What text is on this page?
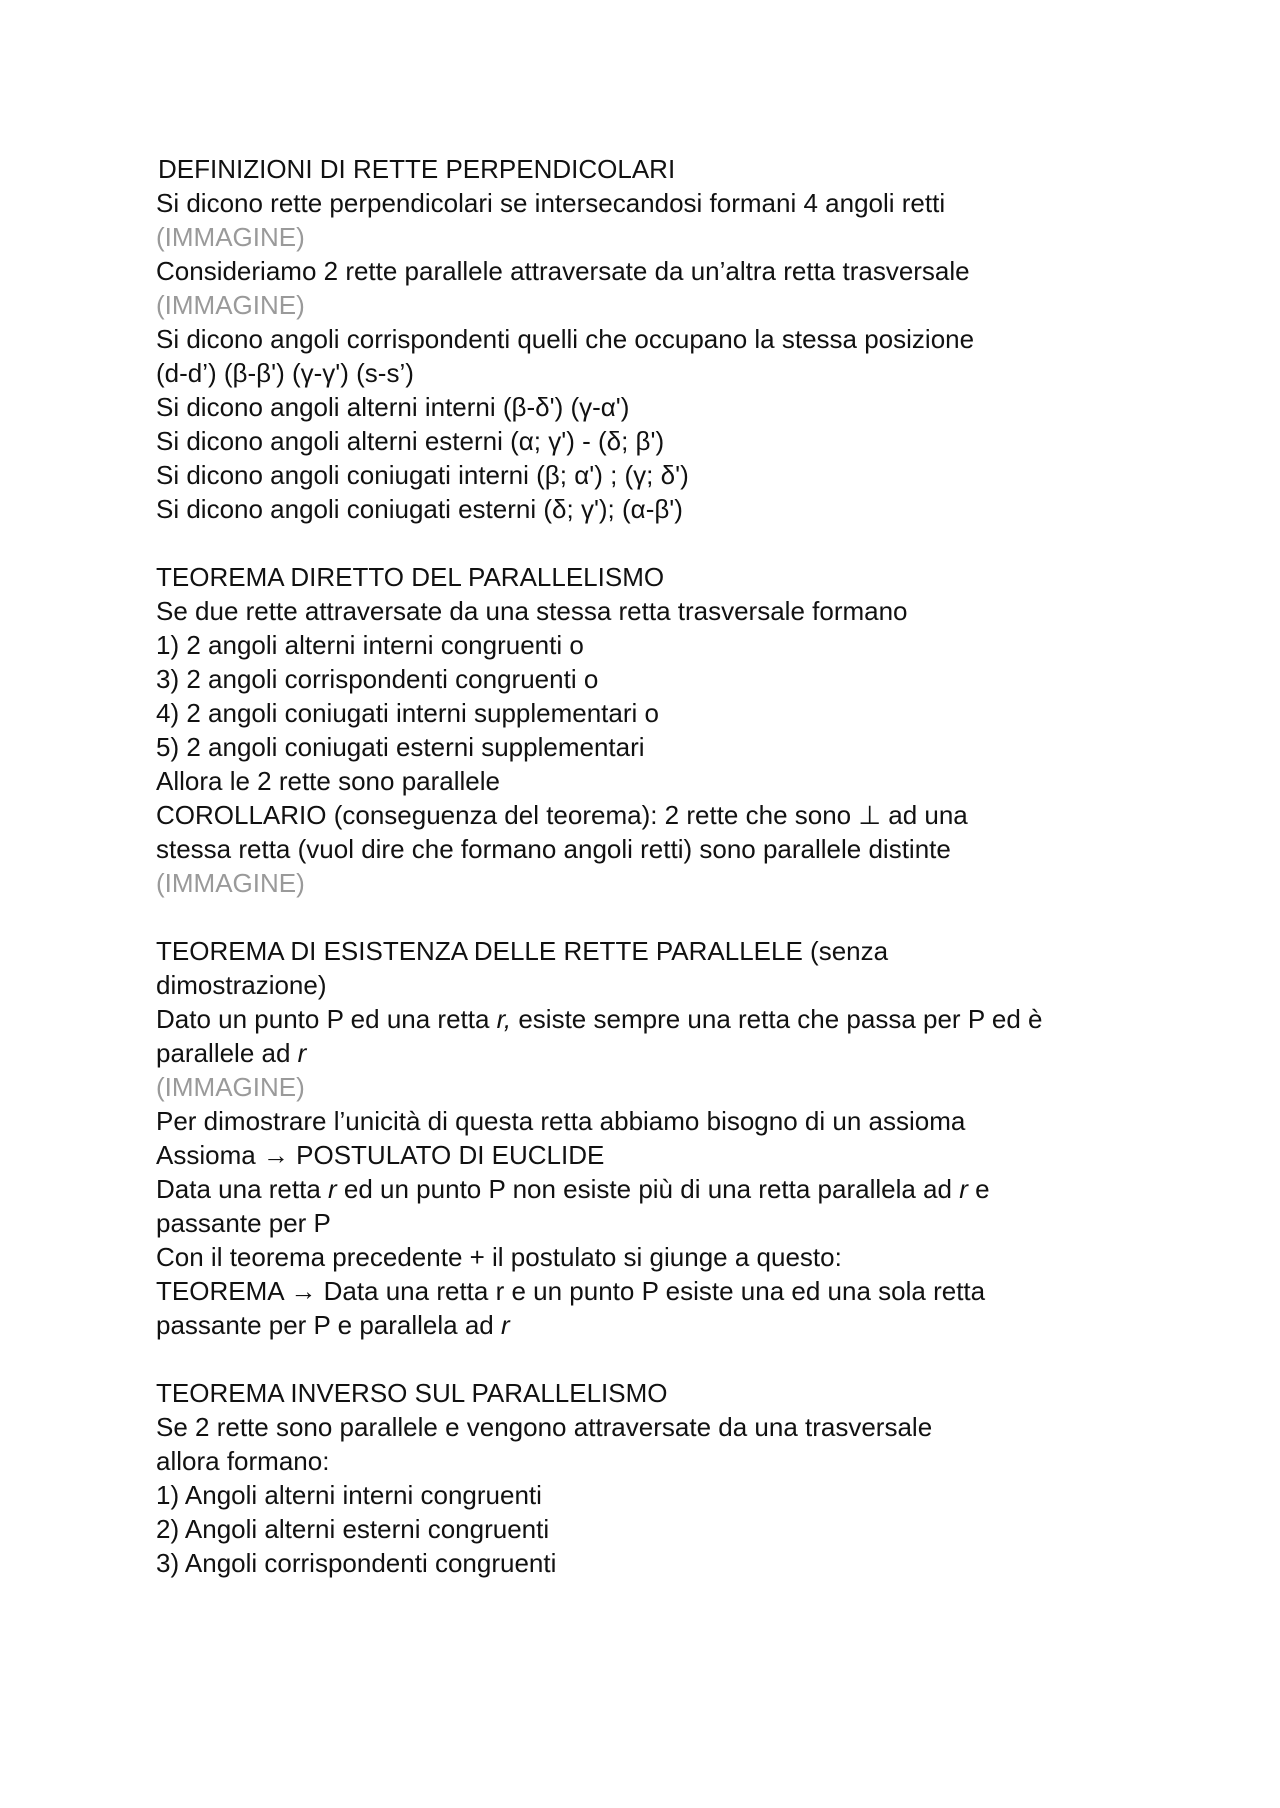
DEFINIZIONI DI RETTE PERPENDICOLARI
Si dicono rette perpendicolari se intersecandosi formani 4 angoli retti
(IMMAGINE)
Consideriamo 2 rette parallele attraversate da un’altra retta trasversale
(IMMAGINE)
Si dicono angoli corrispondenti quelli che occupano la stessa posizione
(d-d’) (β-β') (γ-γ') (s-s’)
Si dicono angoli alterni interni (β-δ') (γ-α')
Si dicono angoli alterni esterni (α; γ') - (δ; β')
Si dicono angoli coniugati interni (β; α') ; (γ; δ')
Si dicono angoli coniugati esterni (δ; γ'); (α-β')
TEOREMA DIRETTO DEL PARALLELISMO
Se due rette attraversate da una stessa retta trasversale formano
1) 2 angoli alterni interni congruenti o
3) 2 angoli corrispondenti congruenti o
4) 2 angoli coniugati interni supplementari o
5) 2 angoli coniugati esterni supplementari
Allora le 2 rette sono parallele
COROLLARIO (conseguenza del teorema): 2 rette che sono ⊥ ad una
stessa retta (vuol dire che formano angoli retti) sono parallele distinte
(IMMAGINE)
TEOREMA DI ESISTENZA DELLE RETTE PARALLELE (senza
dimostrazione)
Dato un punto P ed una retta r, esiste sempre una retta che passa per P ed è
parallele ad r
(IMMAGINE)
Per dimostrare l’unicità di questa retta abbiamo bisogno di un assioma
Assioma → POSTULATO DI EUCLIDE
Data una retta r ed un punto P non esiste più di una retta parallela ad r e
passante per P
Con il teorema precedente + il postulato si giunge a questo:
TEOREMA → Data una retta r e un punto P esiste una ed una sola retta
passante per P e parallela ad r
TEOREMA INVERSO SUL PARALLELISMO
Se 2 rette sono parallele e vengono attraversate da una trasversale
allora formano:
1) Angoli alterni interni congruenti
2) Angoli alterni esterni congruenti
3) Angoli corrispondenti congruenti
